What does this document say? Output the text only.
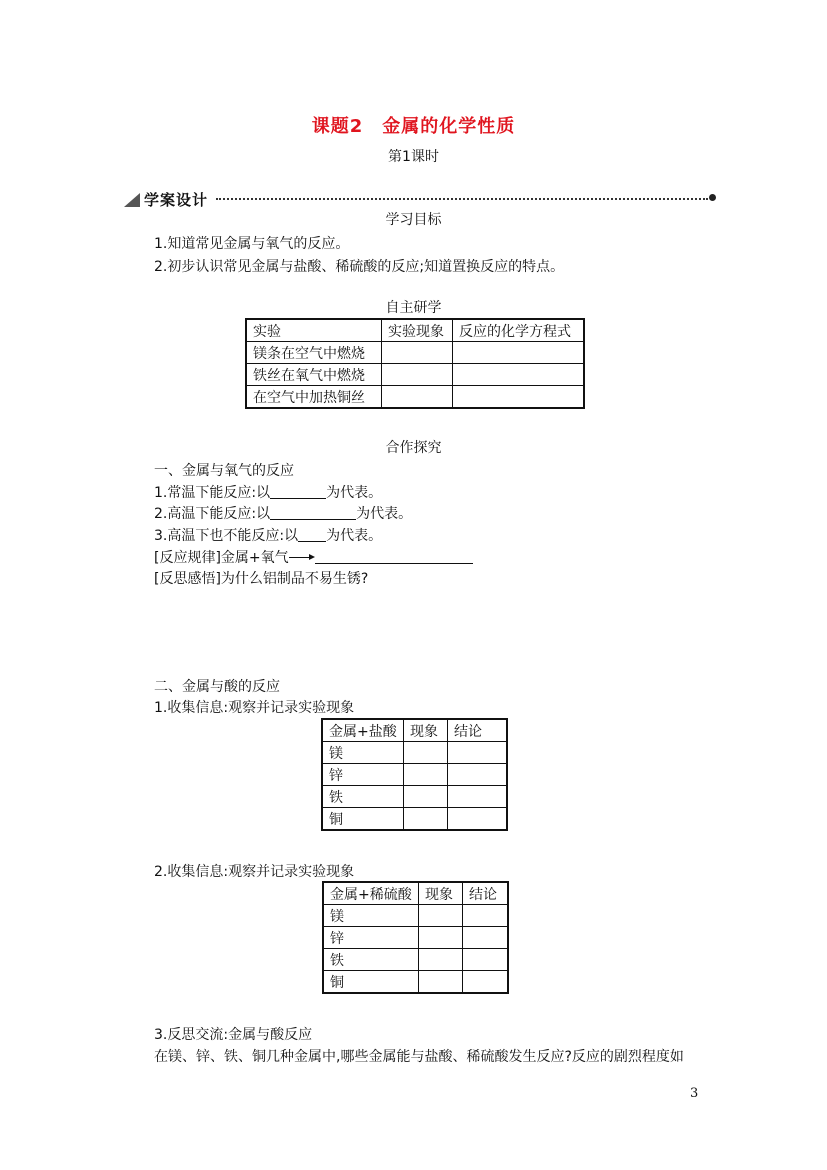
课题2　金属的化学性质
第1课时
学案设计
学习目标
1.知道常见金属与氧气的反应。
2.初步认识常见金属与盐酸、稀硫酸的反应;知道置换反应的特点。
自主研学
实验	实验现象	反应的化学方程式
镁条在空气中燃烧		
铁丝在氧气中燃烧		
在空气中加热铜丝		
合作探究
一、金属与氧气的反应
1.常温下能反应:以	为代表。
2.高温下能反应:以	为代表。
3.高温下也不能反应:以 为代表。
[反应规律]金属+氧气
[反思感悟]为什么铝制品不易生锈?
二、金属与酸的反应
1.收集信息:观察并记录实验现象
金属+盐酸	现象	结论
镁		
锌		
铁		
铜		
2.收集信息:观察并记录实验现象
金属+稀硫酸	现象	结论
镁		
锌		
铁		
铜		
3.反思交流:金属与酸反应
在镁、锌、铁、铜几种金属中,哪些金属能与盐酸、稀硫酸发生反应?反应的剧烈程度如
3
